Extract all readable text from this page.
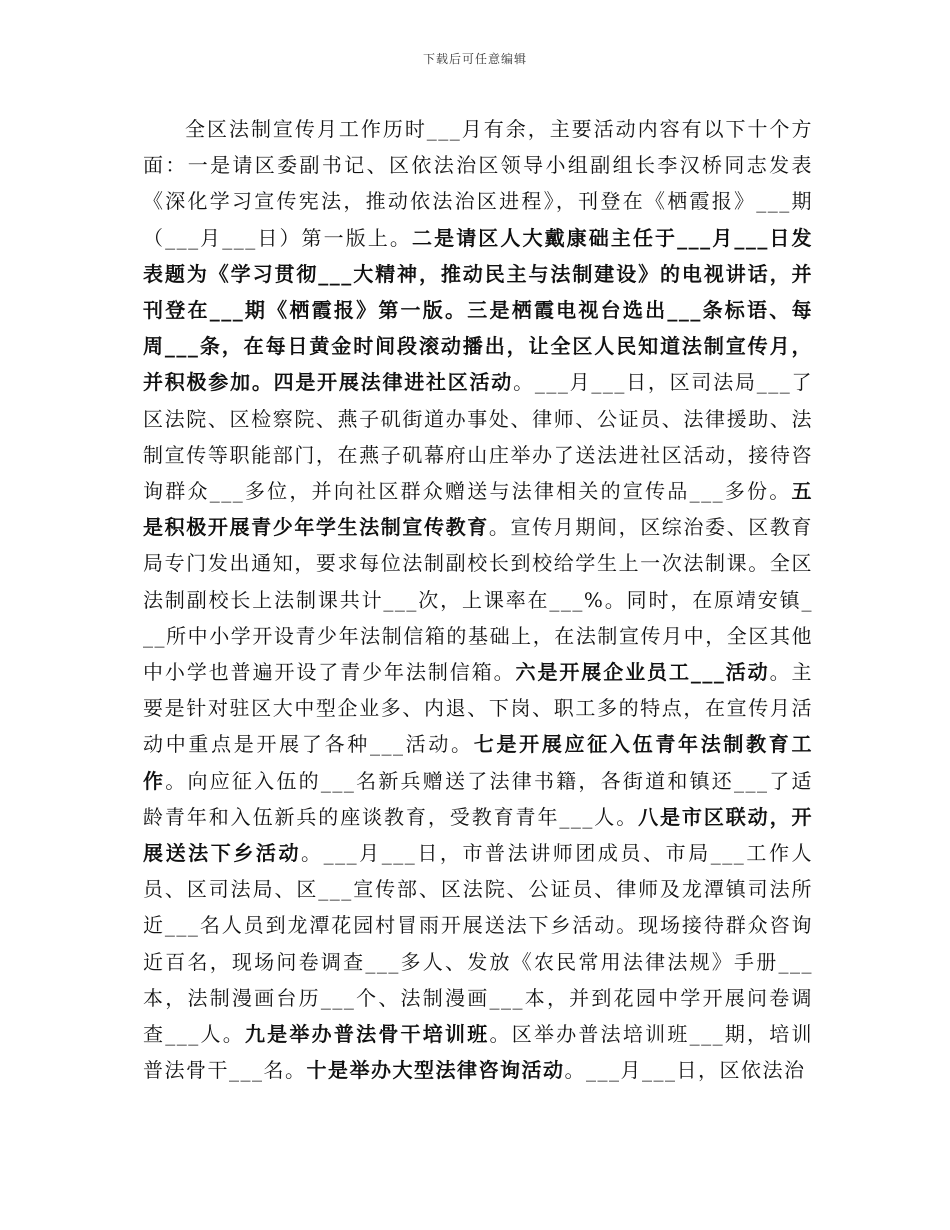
下载后可任意编辑

全区法制宣传月工作历时___月有余，主要活动内容有以下十个方面：一是请区委副书记、区依法治区领导小组副组长李汉桥同志发表《深化学习宣传宪法，推动依法治区进程》，刊登在《栖霞报》___期（___月___日）第一版上。二是请区人大戴康础主任于___月___日发表题为《学习贯彻___大精神，推动民主与法制建设》的电视讲话，并刊登在___期《栖霞报》第一版。三是栖霞电视台选出___条标语、每周___条，在每日黄金时间段滚动播出，让全区人民知道法制宣传月，并积极参加。四是开展法律进社区活动。___月___日，区司法局___了区法院、区检察院、燕子矶街道办事处、律师、公证员、法律援助、法制宣传等职能部门，在燕子矶幕府山庄举办了送法进社区活动，接待咨询群众___多位，并向社区群众赠送与法律相关的宣传品___多份。五是积极开展青少年学生法制宣传教育。宣传月期间，区综治委、区教育局专门发出通知，要求每位法制副校长到校给学生上一次法制课。全区法制副校长上法制课共计___次，上课率在___%。同时，在原靖安镇___所中小学开设青少年法制信箱的基础上，在法制宣传月中，全区其他中小学也普遍开设了青少年法制信箱。六是开展企业员工___活动。主要是针对驻区大中型企业多、内退、下岗、职工多的特点，在宣传月活动中重点是开展了各种___活动。七是开展应征入伍青年法制教育工作。向应征入伍的___名新兵赠送了法律书籍，各街道和镇还___了适龄青年和入伍新兵的座谈教育，受教育青年___人。八是市区联动，开展送法下乡活动。___月___日，市普法讲师团成员、市局___工作人员、区司法局、区___宣传部、区法院、公证员、律师及龙潭镇司法所近___名人员到龙潭花园村冒雨开展送法下乡活动。现场接待群众咨询近百名，现场问卷调查___多人、发放《农民常用法律法规》手册___本，法制漫画台历___个、法制漫画___本，并到花园中学开展问卷调查___人。九是举办普法骨干培训班。区举办普法培训班___期，培训普法骨干___名。十是举办大型法律咨询活动。___月___日，区依法治
